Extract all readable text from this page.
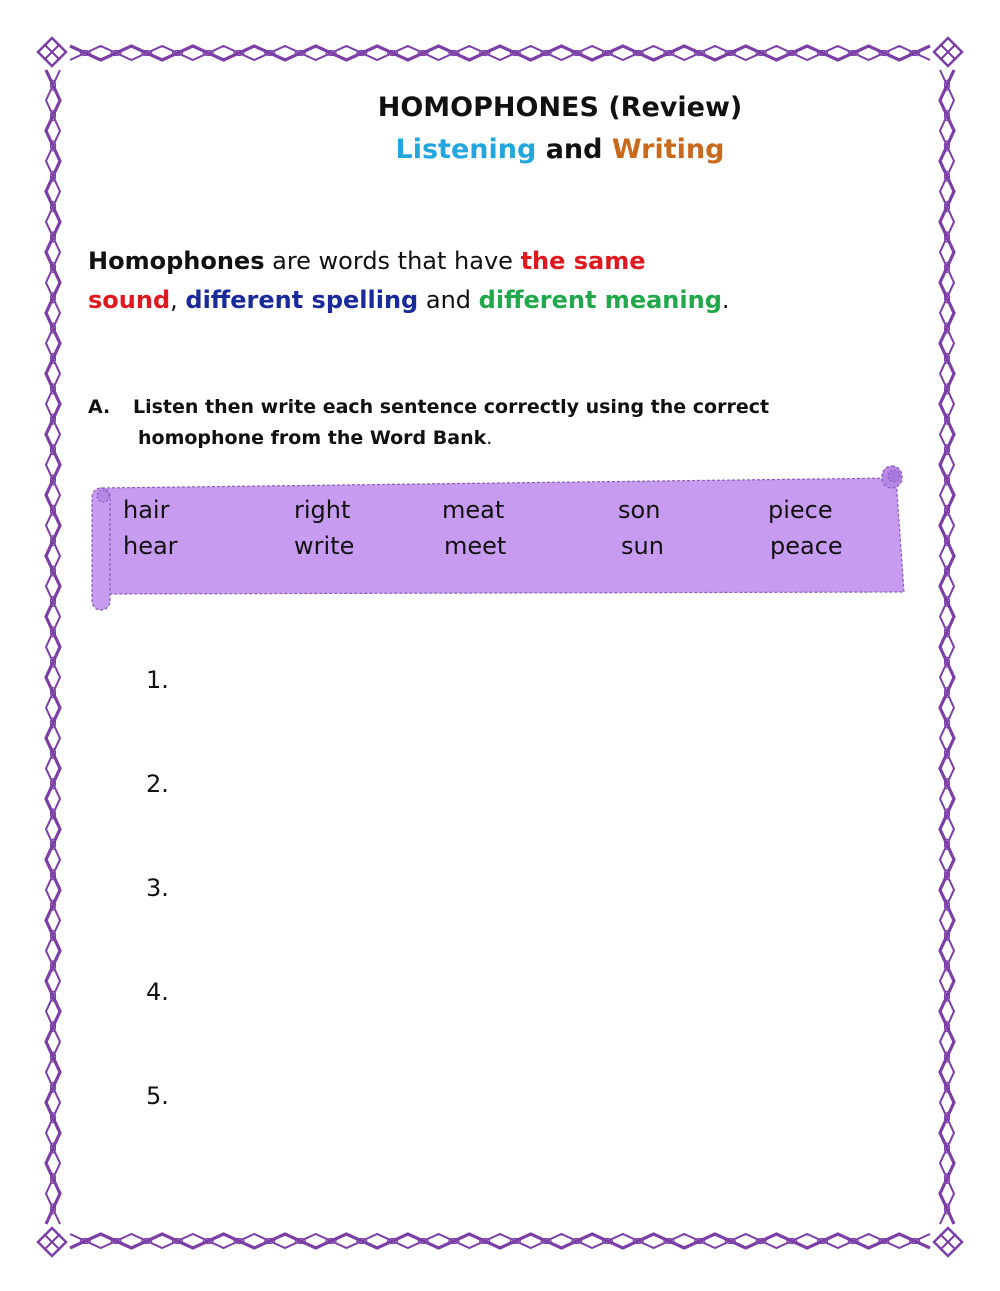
HOMOPHONES (Review)
Listening and Writing
Homophones are words that have the same sound, different spelling and different meaning.
A. Listen then write each sentence correctly using the correct
homophone from the Word Bank.
hair	right	meat	son	piece
hear	write	meet	sun	peace
1.
2.
3.
4.
5.
